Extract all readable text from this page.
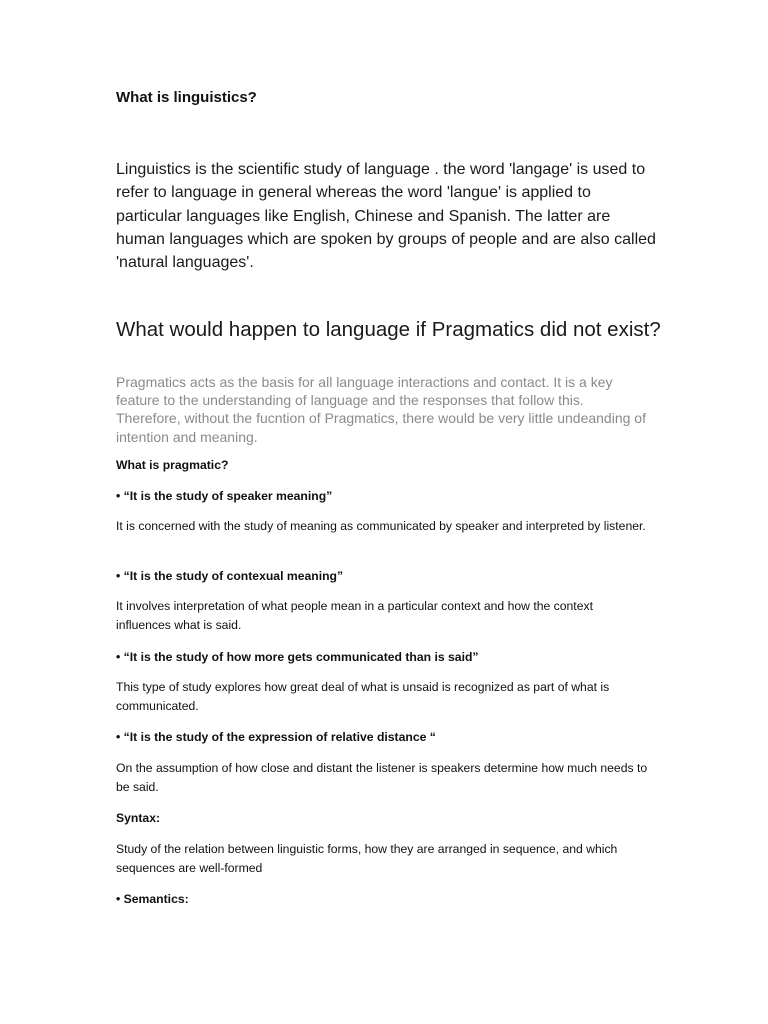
What is linguistics?

Linguistics is the scientific study of language . the word 'langage' is used to refer to language in general whereas the word 'langue' is applied to particular languages like English, Chinese and Spanish. The latter are human languages which are spoken by groups of people and are also called 'natural languages'.

What would happen to language if Pragmatics did not exist?

Pragmatics acts as the basis for all language interactions and contact. It is a key feature to the understanding of language and the responses that follow this. Therefore, without the fucntion of Pragmatics, there would be very little undeanding of intention and meaning.

What is pragmatic?

• “It is the study of speaker meaning”

It is concerned with the study of meaning as communicated by speaker and interpreted by listener.

• “It is the study of contexual meaning”

It involves interpretation of what people mean in a particular context and how the context influences what is said.

• “It is the study of how more gets communicated than is said”

This type of study explores how great deal of what is unsaid is recognized as part of what is communicated.

• “It is the study of the expression of relative distance “

On the assumption of how close and distant the listener is speakers determine how much needs to be said.

Syntax:

Study of the relation between linguistic forms, how they are arranged in sequence, and which sequences are well-formed

• Semantics:
